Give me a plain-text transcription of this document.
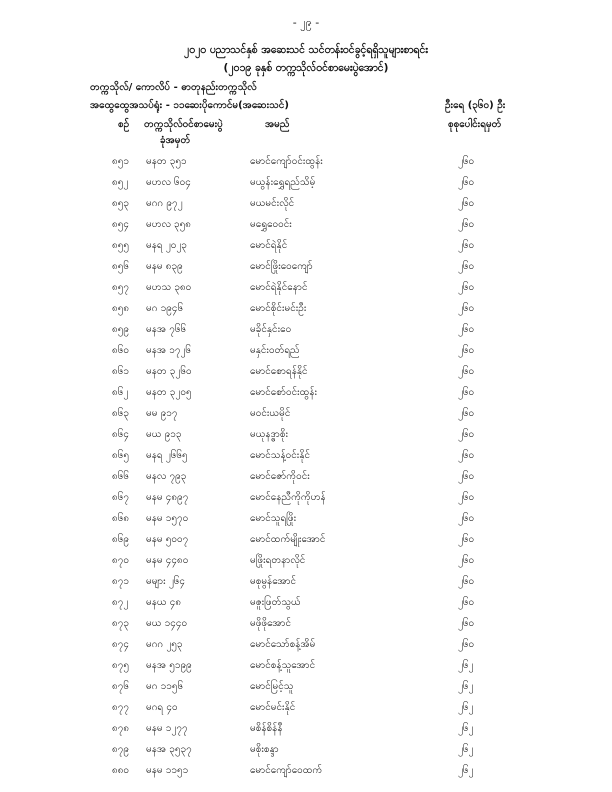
- ၂၉ -
၂၀၂၀ ပညာသင်နှစ် အဆေးသင် သင်တန်းဝင်ခွင့်ရရှိသူများစာရင်း
(၂၀၁၉ ခုနှစ် တက္ကသိုလ်ဝင်စာမေးပွဲအောင်)
တက္ကသိုလ်/ ကောလိပ် - ဓာတုနည်းတက္ကသိုလ်
အထွေထွေအသပ်ရုံး - ၁၁ဆေးပိုကောင်မ(အဆေးသင်)	ဦးရေ (၃၆၀) ဦး
စဉ် တက္ကသိုလ်ဝင်စာမေးပွဲ	အမည်	စုစုပေါင်းရမှတ်
ခုံအမှတ်
၈၅၁ မနတ ၃၅၁	မောင်ကျော်ဝင်းထွန်း	၂၆၀
၈၅၂ မဟလ ၆၀၄	မယွန်းရွှေရည်သိမ့်	၂၆၀
၈၅၃ မဂဂ ၉၇၂	မယမင်းလိုင်	၂၆၀
၈၅၄ မဟလ ၃၅၈	မရွှေဝေဝင်း	၂၆၀
၈၅၅ မနရ ၂၀၂၃	မောင်ရဲနိုင်	၂၆၀
၈၅၆ မနမ ၈၃၉	မောင်ဖြိုးဝေကျော်	၂၆၀
၈၅၇ မဟသ ၃၈၀	မောင်ရဲနိုင်နောင်	၂၆၀
၈၅၈ မဂ ၁၉၄၆	မောင်စိုင်းမင်းဦး	၂၆၀
၈၅၉ မနအ ၇၆၆	မခိုင်နှင်းဝေ	၂၆၀
၈၆၀ မနအ ၁၇၂၆	မနှင်းဝတ်ရည်	၂၆၀
၈၆၁ မနတ ၃၂၆၀	မောင်စောရန်နိုင်	၂၆၀
၈၆၂ မနတ ၃၂၀၅	မောင်စော်ဝင်းထွန်း	၂၆၀
၈၆၃ မမ ၉၁၇	မဝင်းယမိုင်	၂၆၀
၈၆၄ မယ ၉၁၃	မယုနဒ္ဓာစိုး	၂၆၀
၈၆၅ မနရ ၂၆၆၅	မောင်သန့်ဝင်းနိုင်	၂၆၀
၈၆၆ မနလ ၇၉၃	မောင်ဇော်ကိုဝင်း	၂၆၀
၈၆၇ မနမ ၄၈၉၇	မောင်နေညီကိုကိုပာန်	၂၆၀
၈၆၈ မနမ ၁၅၇၀	မောင်သူရဖြိုး	၂၆၀
၈၆၉ မနမ ၅၀၀၇	မောင်ထက်မျိုးအောင်	၂၆၀
၈၇၀ မနမ ၄၄၈၀	မဖြိုးရတနာလိုင်	၂၆၀
၈၇၁ မများ ၂၆၄	မစုမွန်အောင်	၂၆၀
၈၇၂ မနယ ၄၈	မဇူးဖြတ်သွယ်	၂၆၀
၈၇၃ မယ ၁၄၄၀	မဖိုဖိုအောင်	၂၆၀
၈၇၄ မဂဂ ၂၅၃	မောင်သော်စန့်အိမ်	၂၆၀
၈၇၅ မနအ ၅၁၉၉	မောင်စန့်သူအောင်	၂၆၂
၈၇၆ မဂ ၁၁၅၆	မောင်မြင့်သူ	၂၆၂
၈၇၇ မဂရ ၄၀	မောင်မင်းနိုင်	၂၆၂
၈၇၈ မနမ ၁၂၇၇	မစိန်စိန်နီ	၂၆၂
၈၇၉ မနအ ၃၅၃၇	မစိုးစန္ဒာ	၂၆၂
၈၈၀ မနမ ၁၁၅၁	မောင်ကျော်ဝေထက်	၂၆၂
